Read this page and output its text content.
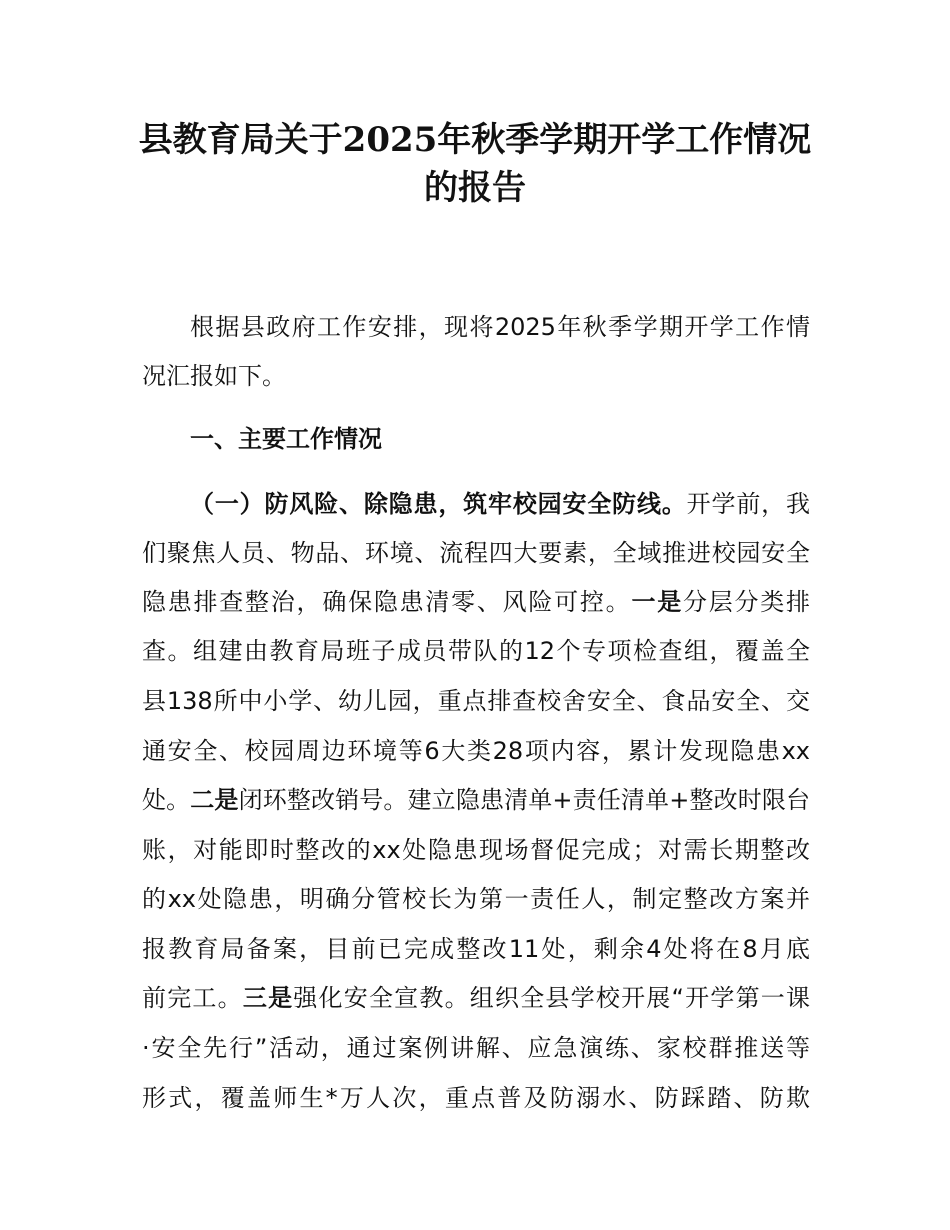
县教育局关于2025年秋季学期开学工作情况
的报告
根据县政府工作安排，现将2025年秋季学期开学工作情
况汇报如下。
一、主要工作情况
（一）防风险、除隐患，筑牢校园安全防线。开学前，我
们聚焦人员、物品、环境、流程四大要素，全域推进校园安全
隐患排查整治，确保隐患清零、风险可控。一是分层分类排
查。组建由教育局班子成员带队的12个专项检查组，覆盖全
县138所中小学、幼儿园，重点排查校舍安全、食品安全、交
通安全、校园周边环境等6大类28项内容，累计发现隐患xx
处。二是闭环整改销号。建立隐患清单+责任清单+整改时限台
账，对能即时整改的xx处隐患现场督促完成；对需长期整改
的xx处隐患，明确分管校长为第一责任人，制定整改方案并
报教育局备案，目前已完成整改11处，剩余4处将在8月底
前完工。三是强化安全宣教。组织全县学校开展“开学第一课
·安全先行”活动，通过案例讲解、应急演练、家校群推送等
形式，覆盖师生*万人次，重点普及防溺水、防踩踏、防欺
